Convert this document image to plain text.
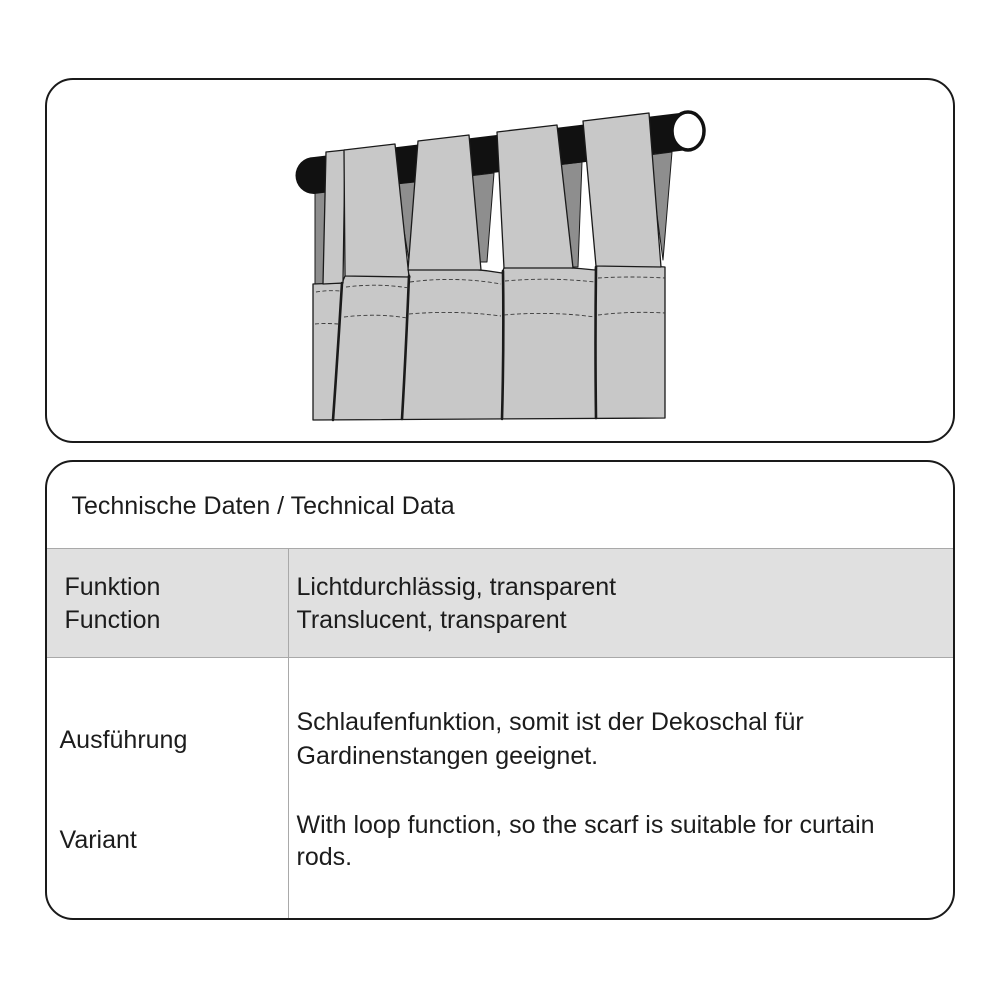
Technische Daten / Technical Data
Funktion
Function
Lichtdurchlässig, transparent
Translucent, transparent
Ausführung
Variant
Schlaufenfunktion, somit ist der Dekoschal für
Gardinenstangen geeignet.
With loop function, so the scarf is suitable for curtain
rods.
